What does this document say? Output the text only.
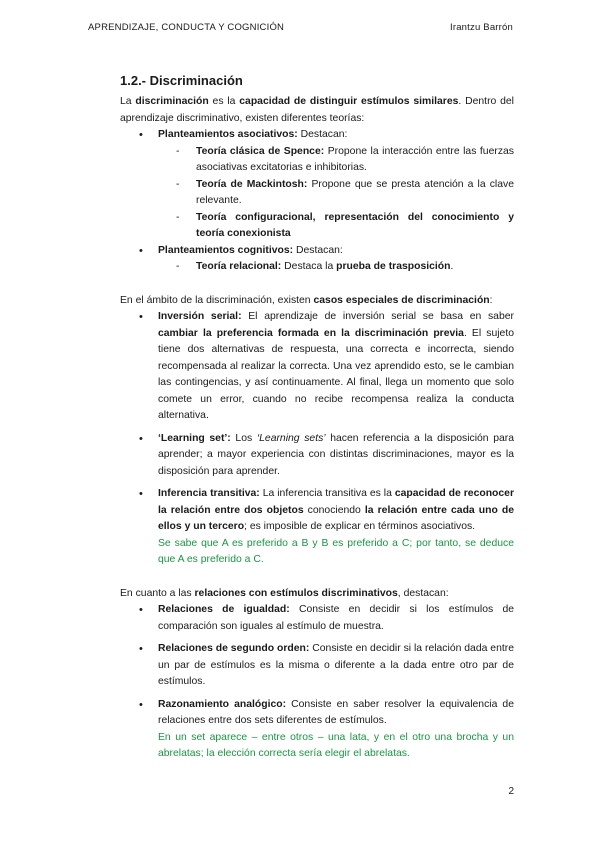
APRENDIZAJE, CONDUCTA Y COGNICIÓN	Irantzu Barrón
1.2.- Discriminación

La discriminación es la capacidad de distinguir estímulos similares. Dentro del aprendizaje discriminativo, existen diferentes teorías:

• Planteamientos asociativos: Destacan:
- Teoría clásica de Spence: Propone la interacción entre las fuerzas asociativas excitatorias e inhibitorias.
- Teoría de Mackintosh: Propone que se presta atención a la clave relevante.
- Teoría configuracional, representación del conocimiento y teoría conexionista
• Planteamientos cognitivos: Destacan:
- Teoría relacional: Destaca la prueba de trasposición.

En el ámbito de la discriminación, existen casos especiales de discriminación:

• Inversión serial: El aprendizaje de inversión serial se basa en saber cambiar la preferencia formada en la discriminación previa. El sujeto tiene dos alternativas de respuesta, una correcta e incorrecta, siendo recompensada al realizar la correcta. Una vez aprendido esto, se le cambian las contingencias, y así continuamente. Al final, llega un momento que solo comete un error, cuando no recibe recompensa realiza la conducta alternativa.
• ‘Learning set’: Los ‘Learning sets’ hacen referencia a la disposición para aprender; a mayor experiencia con distintas discriminaciones, mayor es la disposición para aprender.
• Inferencia transitiva: La inferencia transitiva es la capacidad de reconocer la relación entre dos objetos conociendo la relación entre cada uno de ellos y un tercero; es imposible de explicar en términos asociativos.

Se sabe que A es preferido a B y B es preferido a C; por tanto, se deduce que A es preferido a C.

En cuanto a las relaciones con estímulos discriminativos, destacan:

• Relaciones de igualdad: Consiste en decidir si los estímulos de comparación son iguales al estímulo de muestra.
• Relaciones de segundo orden: Consiste en decidir si la relación dada entre un par de estímulos es la misma o diferente a la dada entre otro par de estímulos.
• Razonamiento analógico: Consiste en saber resolver la equivalencia de relaciones entre dos sets diferentes de estímulos.

En un set aparece – entre otros – una lata, y en el otro una brocha y un abrelatas; la elección correcta sería elegir el abrelatas.

2
